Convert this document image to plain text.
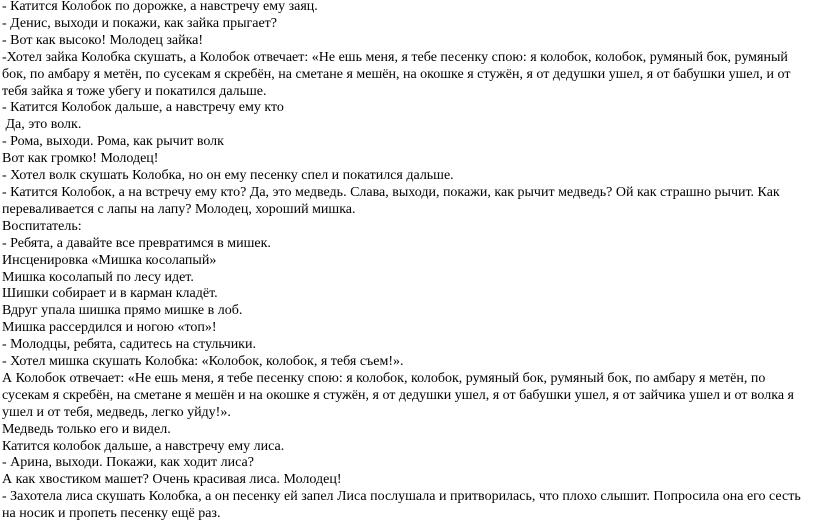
- Катится Колобок по дорожке, а навстречу ему заяц.

- Денис, выходи и покажи, как зайка прыгает?

- Вот как высоко! Молодец зайка!

-Хотел зайка Колобка скушать, а Колобок отвечает: «Не ешь меня, я тебе песенку спою: я колобок, колобок, румяный бок, румяный бок, по амбару я метён, по сусекам я скребён, на сметане я мешён, на окошке я стужён, я от дедушки ушел, я от бабушки ушел, и от тебя зайка я тоже убегу и покатился дальше.

- Катится Колобок дальше, а навстречу ему кто

Да, это волк.

- Рома, выходи. Рома, как рычит волк

Вот как громко! Молодец!

- Хотел волк скушать Колобка, но он ему песенку спел и покатился дальше.

- Катится Колобок, а на встречу ему кто? Да, это медведь. Слава, выходи, покажи, как рычит медведь? Ой как страшно рычит. Как переваливается с лапы на лапу? Молодец, хороший мишка.

Воспитатель:

- Ребята, а давайте все превратимся в мишек.

Инсценировка «Мишка косолапый»

Мишка косолапый по лесу идет.

Шишки собирает и в карман кладёт.

Вдруг упала шишка прямо мишке в лоб.

Мишка рассердился и ногою «топ»!

- Молодцы, ребята, садитесь на стульчики.

- Хотел мишка скушать Колобка: «Колобок, колобок, я тебя съем!».

А Колобок отвечает: «Не ешь меня, я тебе песенку спою: я колобок, колобок, румяный бок, румяный бок, по амбару я метён, по сусекам я скребён, на сметане я мешён и на окошке я стужён, я от дедушки ушел, я от бабушки ушел, я от зайчика ушел и от волка я ушел и от тебя, медведь, легко уйду!».

Медведь только его и видел.

Катится колобок дальше, а навстречу ему лиса.

- Арина, выходи. Покажи, как ходит лиса?

А как хвостиком машет? Очень красивая лиса. Молодец!

- Захотела лиса скушать Колобка, а он песенку ей запел Лиса послушала и притворилась, что плохо слышит. Попросила она его сесть на носик и пропеть песенку ещё раз.
